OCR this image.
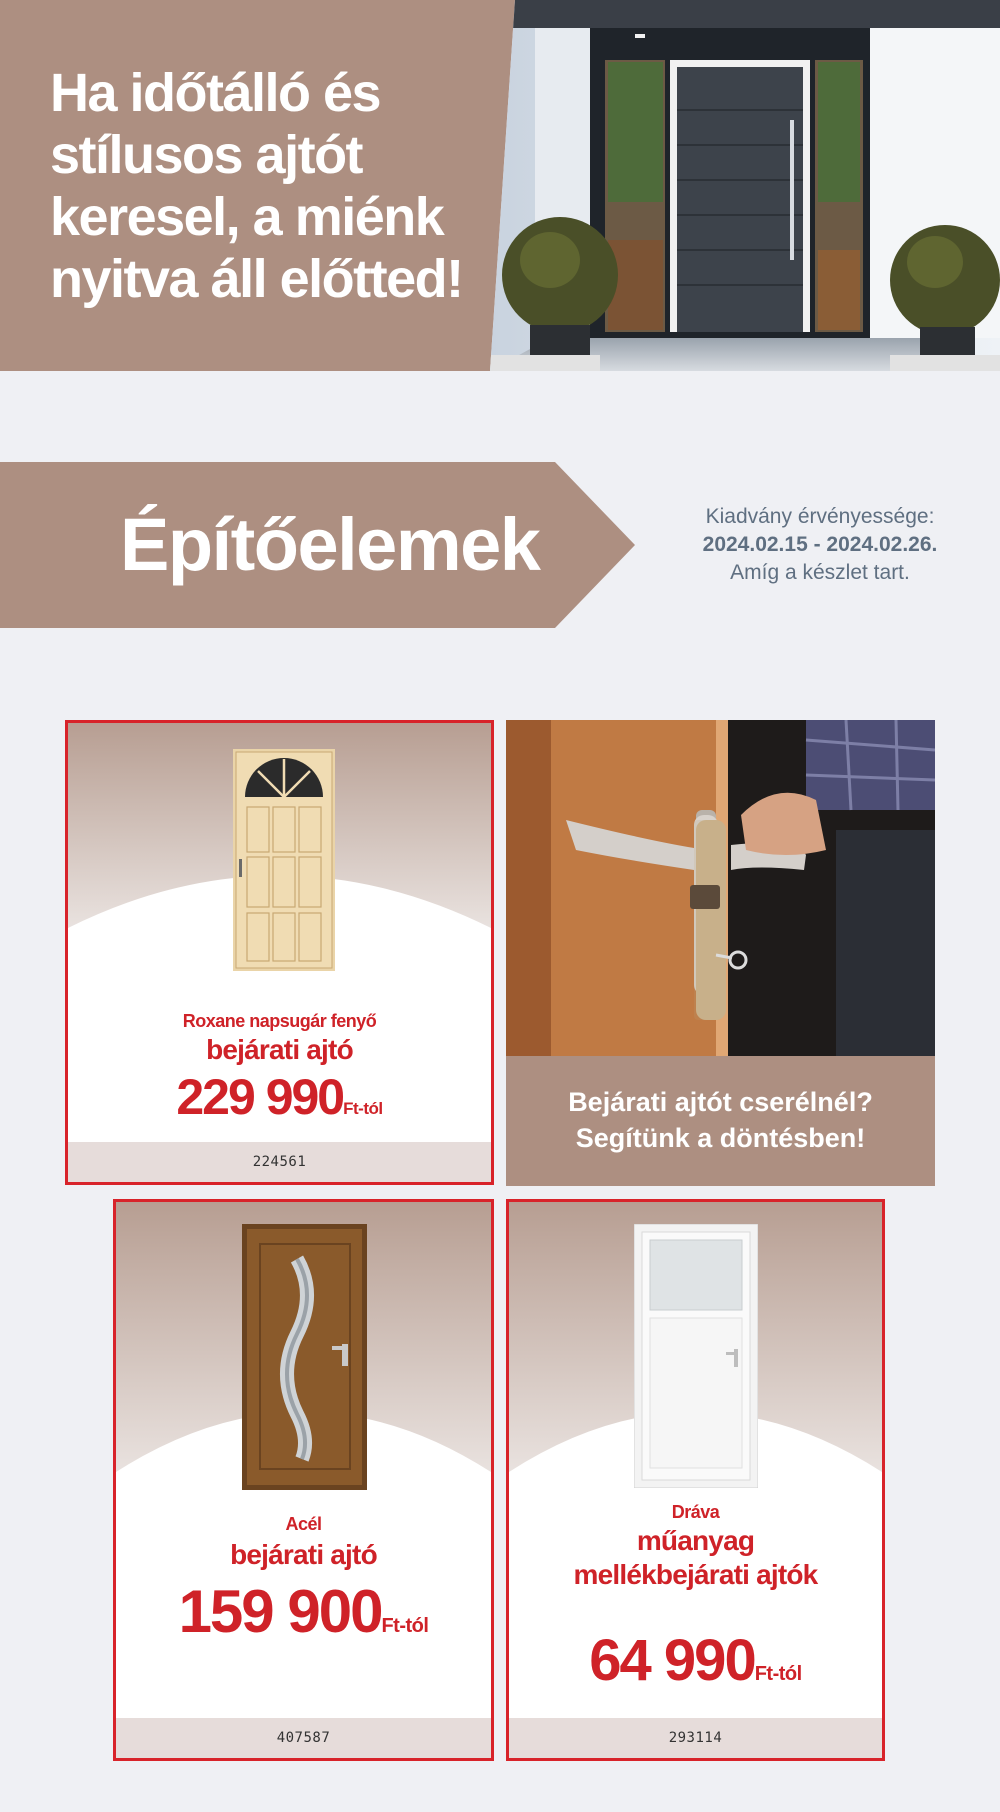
Ha időtálló és
stílusos ajtót
keresel, a miénk
nyitva áll előtted!
Építőelemek	Kiadvány érvényessége:
2024.02.15 - 2024.02.26.
Amíg a készlet tart.
Roxane napsugár fenyő
bejárati ajtó
229 990Ft-tól
224561
Bejárati ajtót cserélnél?
Segítünk a döntésben!
Acél
bejárati ajtó
159 900Ft-tól
407587
Dráva
műanyag
mellékbejárati ajtók
64 990Ft-tól
293114
